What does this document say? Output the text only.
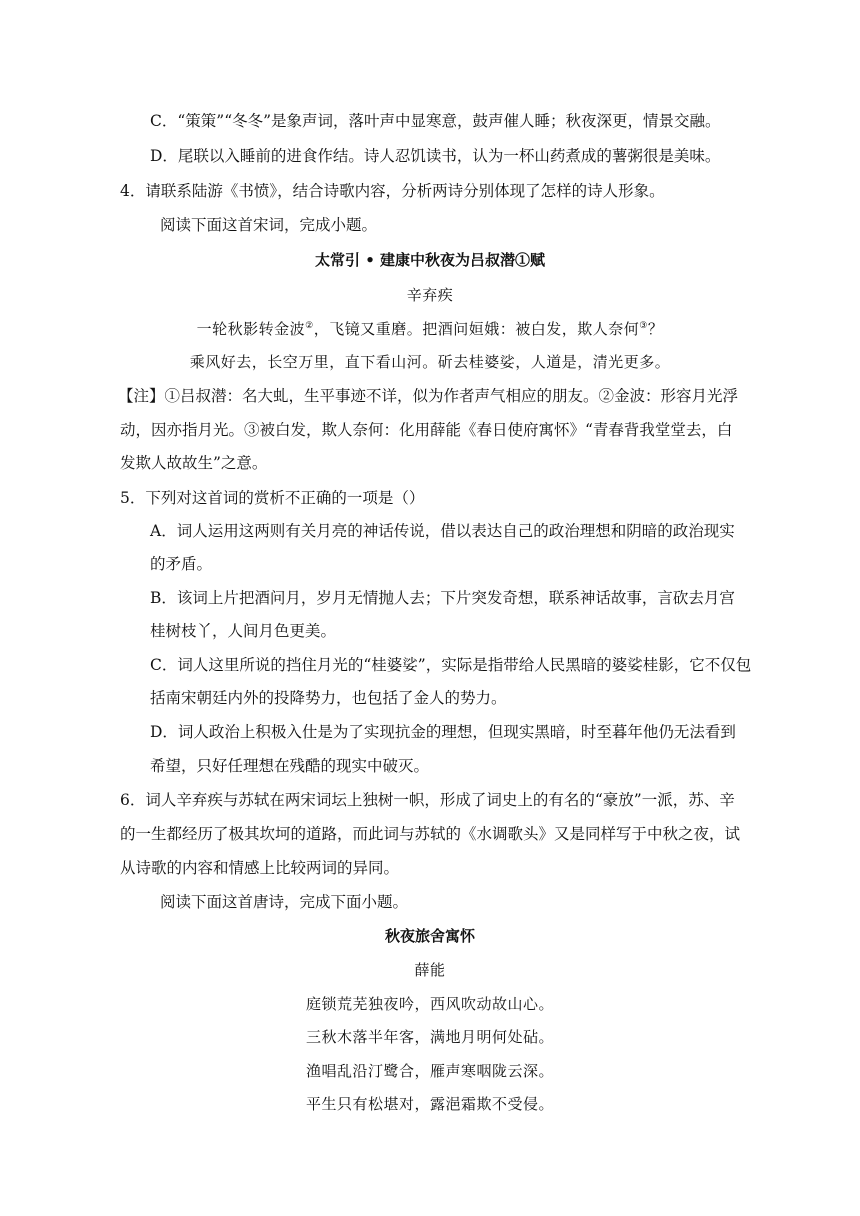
C．“策策”“冬冬”是象声词，落叶声中显寒意，鼓声催人睡；秋夜深更，情景交融。
D．尾联以入睡前的进食作结。诗人忍饥读书，认为一杯山药煮成的薯粥很是美味。
4．请联系陆游《书愤》，结合诗歌内容，分析两诗分别体现了怎样的诗人形象。
阅读下面这首宋词，完成小题。
太常引 • 建康中秋夜为吕叔潜①赋
辛弃疾
一轮秋影转金波②，飞镜又重磨。把酒问姮娥：被白发，欺人奈何③？
乘风好去，长空万里，直下看山河。斫去桂婆娑，人道是，清光更多。
【注】①吕叔潜：名大虬，生平事迹不详，似为作者声气相应的朋友。②金波：形容月光浮
动，因亦指月光。③被白发，欺人奈何：化用薛能《春日使府寓怀》“青春背我堂堂去，白
发欺人故故生”之意。
5．下列对这首词的赏析不正确的一项是（）
A．词人运用这两则有关月亮的神话传说，借以表达自己的政治理想和阴暗的政治现实
的矛盾。
B．该词上片把酒问月，岁月无情抛人去；下片突发奇想，联系神话故事，言砍去月宫
桂树枝丫，人间月色更美。
C．词人这里所说的挡住月光的“桂婆娑”，实际是指带给人民黑暗的婆娑桂影，它不仅包
括南宋朝廷内外的投降势力，也包括了金人的势力。
D．词人政治上积极入仕是为了实现抗金的理想，但现实黑暗，时至暮年他仍无法看到
希望，只好任理想在残酷的现实中破灭。
6．词人辛弃疾与苏轼在两宋词坛上独树一帜，形成了词史上的有名的“豪放”一派，苏、辛
的一生都经历了极其坎坷的道路，而此词与苏轼的《水调歌头》又是同样写于中秋之夜，试
从诗歌的内容和情感上比较两词的异同。
阅读下面这首唐诗，完成下面小题。
秋夜旅舍寓怀
薛能
庭锁荒芜独夜吟，西风吹动故山心。
三秋木落半年客，满地月明何处砧。
渔唱乱沿汀鹭合，雁声寒咽陇云深。
平生只有松堪对，露浥霜欺不受侵。
